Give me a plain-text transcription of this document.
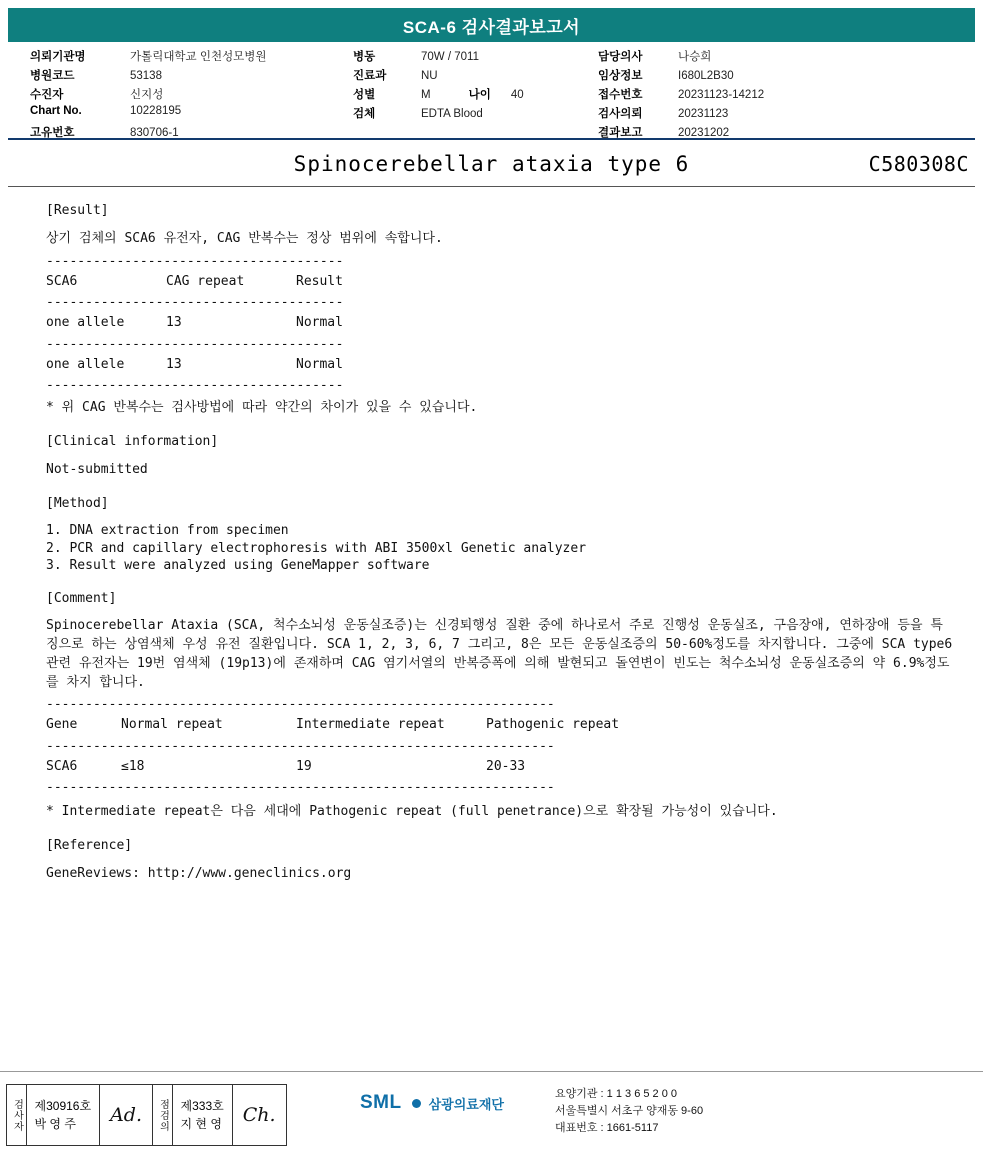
SCA-6 검사결과보고서
의뢰기관명	가톨릭대학교 인천성모병원
병원코드	53138
수진자	신지성
Chart No.	10228195
고유번호	830706-1
병동	70W / 7011
진료과	NU
성별	M	나이 40
검체	EDTA Blood
담당의사	나승희
임상정보	I680L2B30
접수번호	20231123-14212
검사의뢰	20231123
결과보고	20231202
Spinocerebellar ataxia type 6	C580308C
[Result]
상기 검체의 SCA6 유전자, CAG 반복수는 정상 범위에 속합니다.
--------------------------------------
SCA6	CAG repeat	Result
--------------------------------------
one allele	13	Normal
--------------------------------------
one allele	13	Normal
--------------------------------------
* 위 CAG 반복수는 검사방법에 따라 약간의 차이가 있을 수 있습니다.
[Clinical information]
Not-submitted
[Method]
1. DNA extraction from specimen
2. PCR and capillary electrophoresis with ABI 3500xl Genetic analyzer
3. Result were analyzed using GeneMapper software
[Comment]
Spinocerebellar Ataxia (SCA, 척수소뇌성 운동실조증)는 신경퇴행성 질환 중에 하나로서 주로 진행성 운동실조, 구음장애, 연하장애 등을 특징으로 하는 상염색체 우성 유전 질환입니다. SCA 1, 2, 3, 6, 7 그리고, 8은 모든 운동실조증의 50-60%정도를 차지합니다. 그중에 SCA type6 관련 유전자는 19번 염색체 (19p13)에 존재하며 CAG 염기서열의 반복증폭에 의해 발현되고 돌연변이 빈도는 척수소뇌성 운동실조증의 약 6.9%정도를 차지 합니다.
-----------------------------------------------------------------
Gene	Normal repeat	Intermediate repeat	Pathogenic repeat
-----------------------------------------------------------------
SCA6	≤18	19	20-33
-----------------------------------------------------------------
* Intermediate repeat은 다음 세대에 Pathogenic repeat (full penetrance)으로 확장될 가능성이 있습니다.
[Reference]
GeneReviews: http://www.geneclinics.org
검사자 제30916호
박 영 주	Ad.	점검의 제333호
지 현 영	Ch.
SML 삼광의료재단
요양기관 : 1 1 3 6 5 2 0 0
서울특별시 서초구 양재동 9-60
대표번호 : 1661-5117
